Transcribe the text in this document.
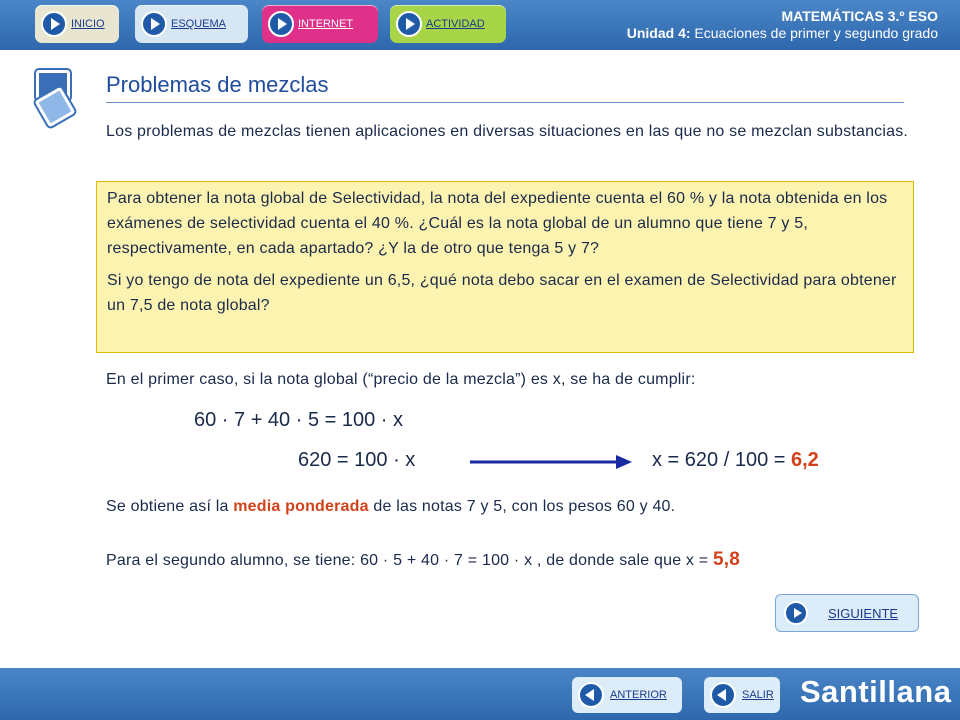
INICIO	ESQUEMA	INTERNET	ACTIVIDAD	MATEMÁTICAS 3.º ESO
Unidad 4: Ecuaciones de primer y segundo grado
Problemas de mezclas
Los problemas de mezclas tienen aplicaciones en diversas situaciones en las que no se mezclan substancias.

Para obtener la nota global de Selectividad, la nota del expediente cuenta el 60 % y la nota obtenida en los exámenes de selectividad cuenta el 40 %. ¿Cuál es la nota global de un alumno que tiene 7 y 5, respectivamente, en cada apartado? ¿Y la de otro que tenga 5 y 7?

Si yo tengo de nota del expediente un 6,5, ¿qué nota debo sacar en el examen de Selectividad para obtener un 7,5 de nota global?

En el primer caso, si la nota global (“precio de la mezcla”) es x, se ha de cumplir:
60 · 7 + 40 · 5 = 100 · x
620 = 100 · x	x = 620 / 100 = 6,2
Se obtiene así la media ponderada de las notas 7 y 5, con los pesos 60 y 40.
Para el segundo alumno, se tiene: 60 · 5 + 40 · 7 = 100 · x , de donde sale que x = 5,8
SIGUIENTE
ANTERIOR	SALIR Santillana
